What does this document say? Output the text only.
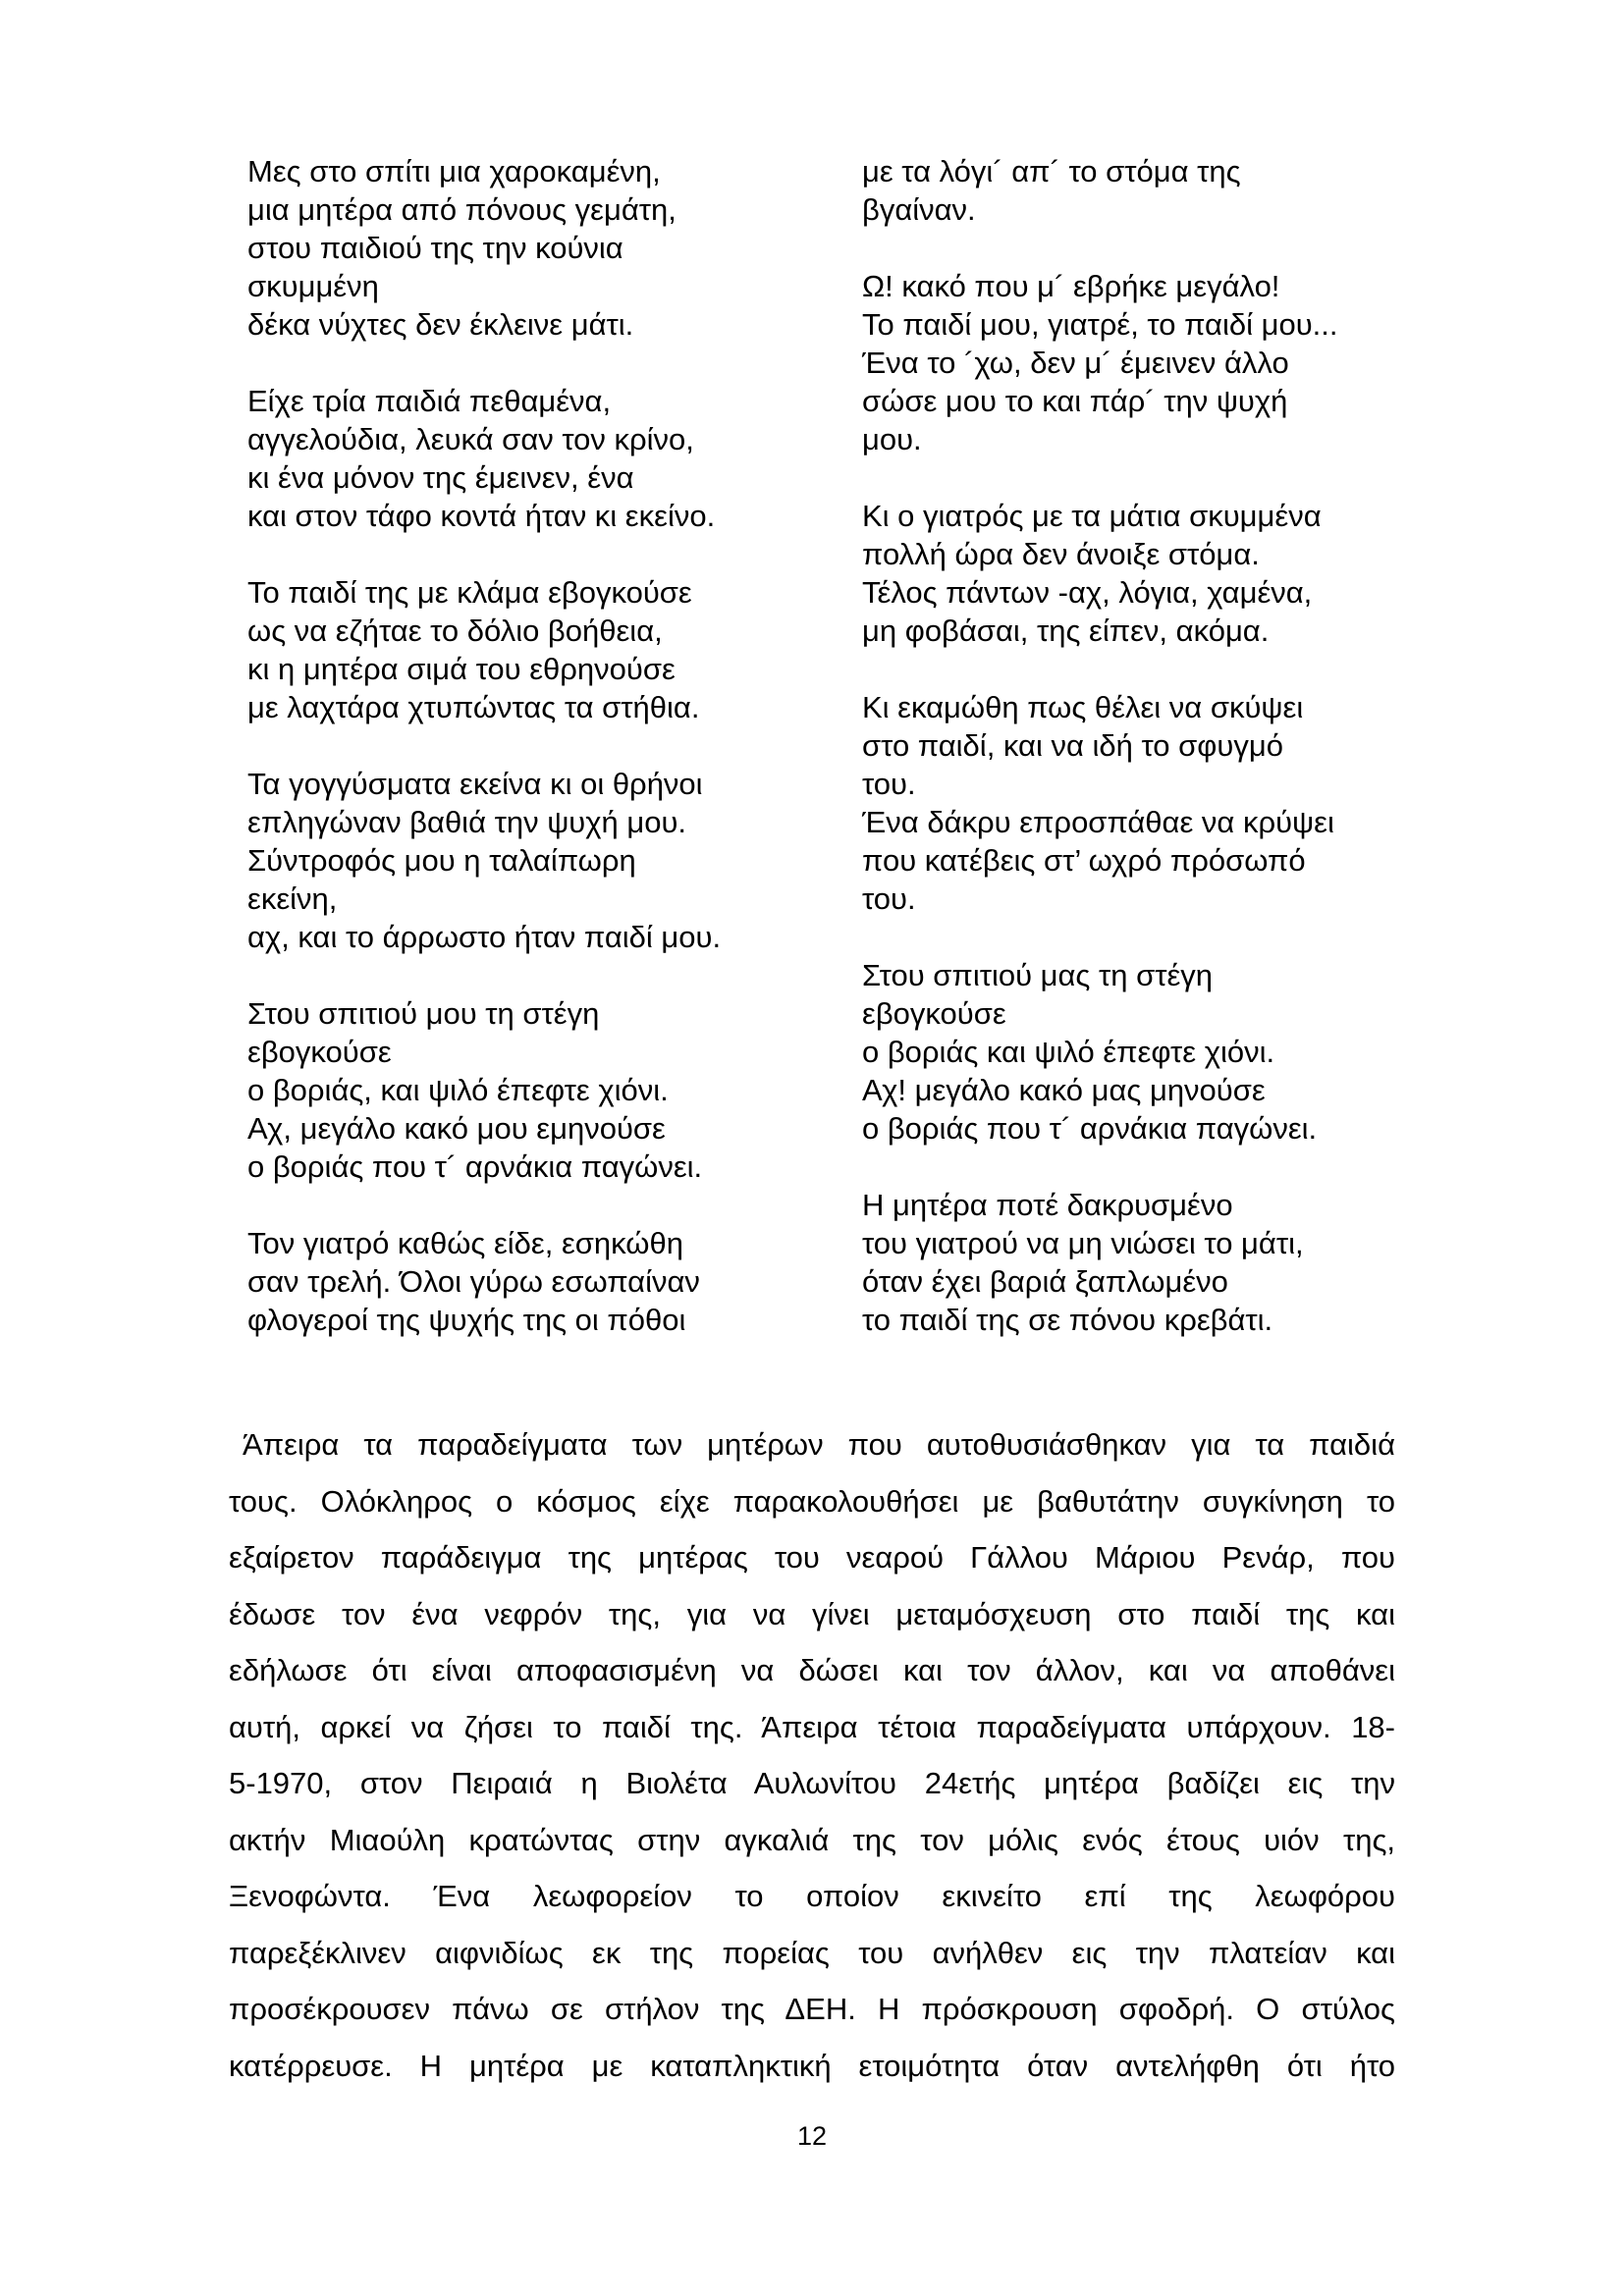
Μες στο σπίτι μια χαροκαμένη,
μια μητέρα από πόνους γεμάτη,
στου παιδιού της την κούνια
σκυμμένη
δέκα νύχτες δεν έκλεινε μάτι.
Είχε τρία παιδιά πεθαμένα,
αγγελούδια, λευκά σαν τον κρίνο,
κι ένα μόνον της έμεινεν, ένα
και στον τάφο κοντά ήταν κι εκείνο.
Το παιδί της με κλάμα εβογκούσε
ως να εζήταε το δόλιο βοήθεια,
κι η μητέρα σιμά του εθρηνούσε
με λαχτάρα χτυπώντας τα στήθια.
Τα γογγύσματα εκείνα κι οι θρήνοι
επληγώναν βαθιά την ψυχή μου.
Σύντροφός μου η ταλαίπωρη
εκείνη,
αχ, και το άρρωστο ήταν παιδί μου.
Στου σπιτιού μου τη στέγη
εβογκούσε
ο βοριάς, και ψιλό έπεφτε χιόνι.
Αχ, μεγάλο κακό μου εμηνούσε
ο βοριάς που τ´ αρνάκια παγώνει.
Τον γιατρό καθώς είδε, εσηκώθη
σαν τρελή. Όλοι γύρω εσωπαίναν
φλογεροί της ψυχής της οι πόθοι
με τα λόγι´ απ´ το στόμα της
βγαίναν.
Ω! κακό που μ´ εβρήκε μεγάλο!
Το παιδί μου, γιατρέ, το παιδί μου...
Ένα το ´χω, δεν μ´ έμεινεν άλλο
σώσε μου το και πάρ´ την ψυχή
μου.
Κι ο γιατρός με τα μάτια σκυμμένα
πολλή ώρα δεν άνοιξε στόμα.
Τέλος πάντων -αχ, λόγια, χαμένα,
μη φοβάσαι, της είπεν, ακόμα.
Κι εκαμώθη πως θέλει να σκύψει
στο παιδί, και να ιδή το σφυγμό
του.
Ένα δάκρυ επροσπάθαε να κρύψει
που κατέβεις στ’ ωχρό πρόσωπό
του.
Στου σπιτιού μας τη στέγη
εβογκούσε
ο βοριάς και ψιλό έπεφτε χιόνι.
Αχ! μεγάλο κακό μας μηνούσε
ο βοριάς που τ´ αρνάκια παγώνει.
Η μητέρα ποτέ δακρυσμένο
του γιατρού να μη νιώσει το μάτι,
όταν έχει βαριά ξαπλωμένο
το παιδί της σε πόνου κρεβάτι.
Άπειρα τα παραδείγματα των μητέρων που αυτοθυσιάσθηκαν για τα παιδιά
τους. Ολόκληρος ο κόσμος είχε παρακολουθήσει με βαθυτάτην συγκίνηση το
εξαίρετον παράδειγμα της μητέρας του νεαρού Γάλλου Μάριου Ρενάρ, που
έδωσε τον ένα νεφρόν της, για να γίνει μεταμόσχευση στο παιδί της και
εδήλωσε ότι είναι αποφασισμένη να δώσει και τον άλλον, και να αποθάνει
αυτή, αρκεί να ζήσει το παιδί της. Άπειρα τέτοια παραδείγματα υπάρχουν. 18-
5-1970, στον Πειραιά η Βιολέτα Αυλωνίτου 24ετής μητέρα βαδίζει εις την
ακτήν Μιαούλη κρατώντας στην αγκαλιά της τον μόλις ενός έτους υιόν της,
Ξενοφώντα. Ένα λεωφορείον το οποίον εκινείτο επί της λεωφόρου
παρεξέκλινεν αιφνιδίως εκ της πορείας του ανήλθεν εις την πλατείαν και
προσέκρουσεν πάνω σε στήλον της ΔΕΗ. Η πρόσκρουση σφοδρή. Ο στύλος
κατέρρευσε. Η μητέρα με καταπληκτική ετοιμότητα όταν αντελήφθη ότι ήτο
12
